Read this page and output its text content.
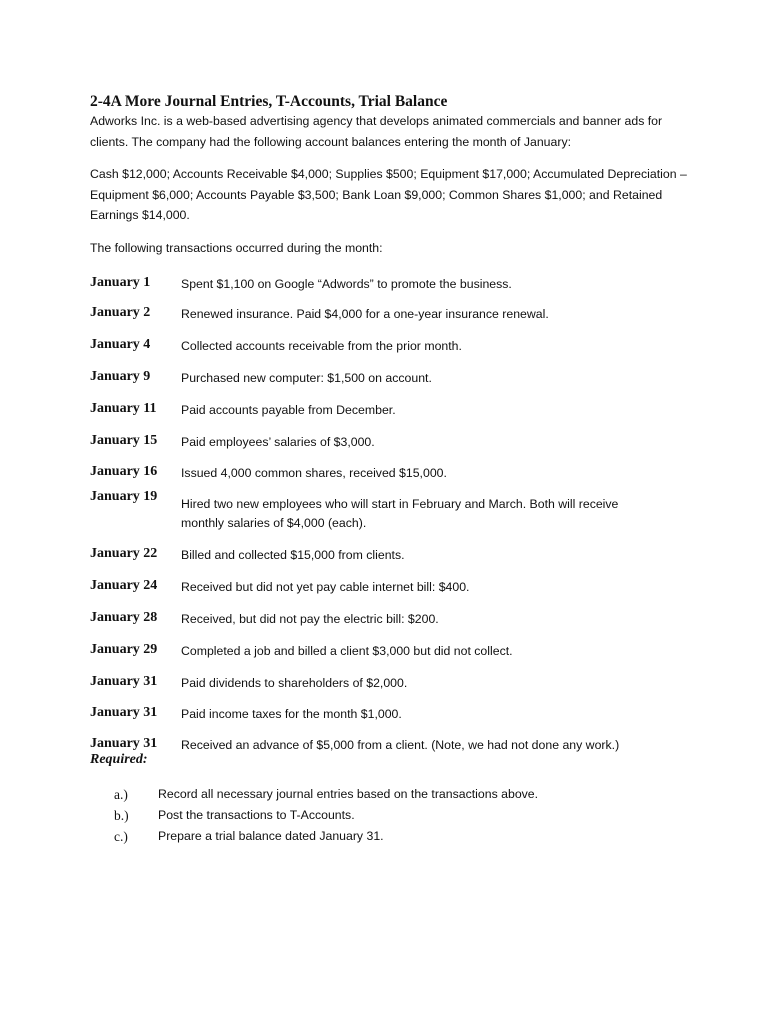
2-4A More Journal Entries, T-Accounts, Trial Balance
Adworks Inc. is a web-based advertising agency that develops animated commercials and banner ads for clients. The company had the following account balances entering the month of January:
Cash $12,000; Accounts Receivable $4,000; Supplies $500; Equipment $17,000; Accumulated Depreciation – Equipment $6,000; Accounts Payable $3,500; Bank Loan $9,000; Common Shares $1,000; and Retained Earnings $14,000.
The following transactions occurred during the month:
January 1 Spent $1,100 on Google “Adwords” to promote the business.
January 2 Renewed insurance. Paid $4,000 for a one-year insurance renewal.
January 4 Collected accounts receivable from the prior month.
January 9 Purchased new computer: $1,500 on account.
January 11 Paid accounts payable from December.
January 15 Paid employees’ salaries of $3,000.
January 16 Issued 4,000 common shares, received $15,000.
January 19 Hired two new employees who will start in February and March. Both will receive monthly salaries of $4,000 (each).
January 22 Billed and collected $15,000 from clients.
January 24 Received but did not yet pay cable internet bill: $400.
January 28 Received, but did not pay the electric bill: $200.
January 29 Completed a job and billed a client $3,000 but did not collect.
January 31 Paid dividends to shareholders of $2,000.
January 31 Paid income taxes for the month $1,000.
January 31 Received an advance of $5,000 from a client. (Note, we had not done any work.)
Required:
a.) Record all necessary journal entries based on the transactions above.
b.) Post the transactions to T-Accounts.
c.) Prepare a trial balance dated January 31.
